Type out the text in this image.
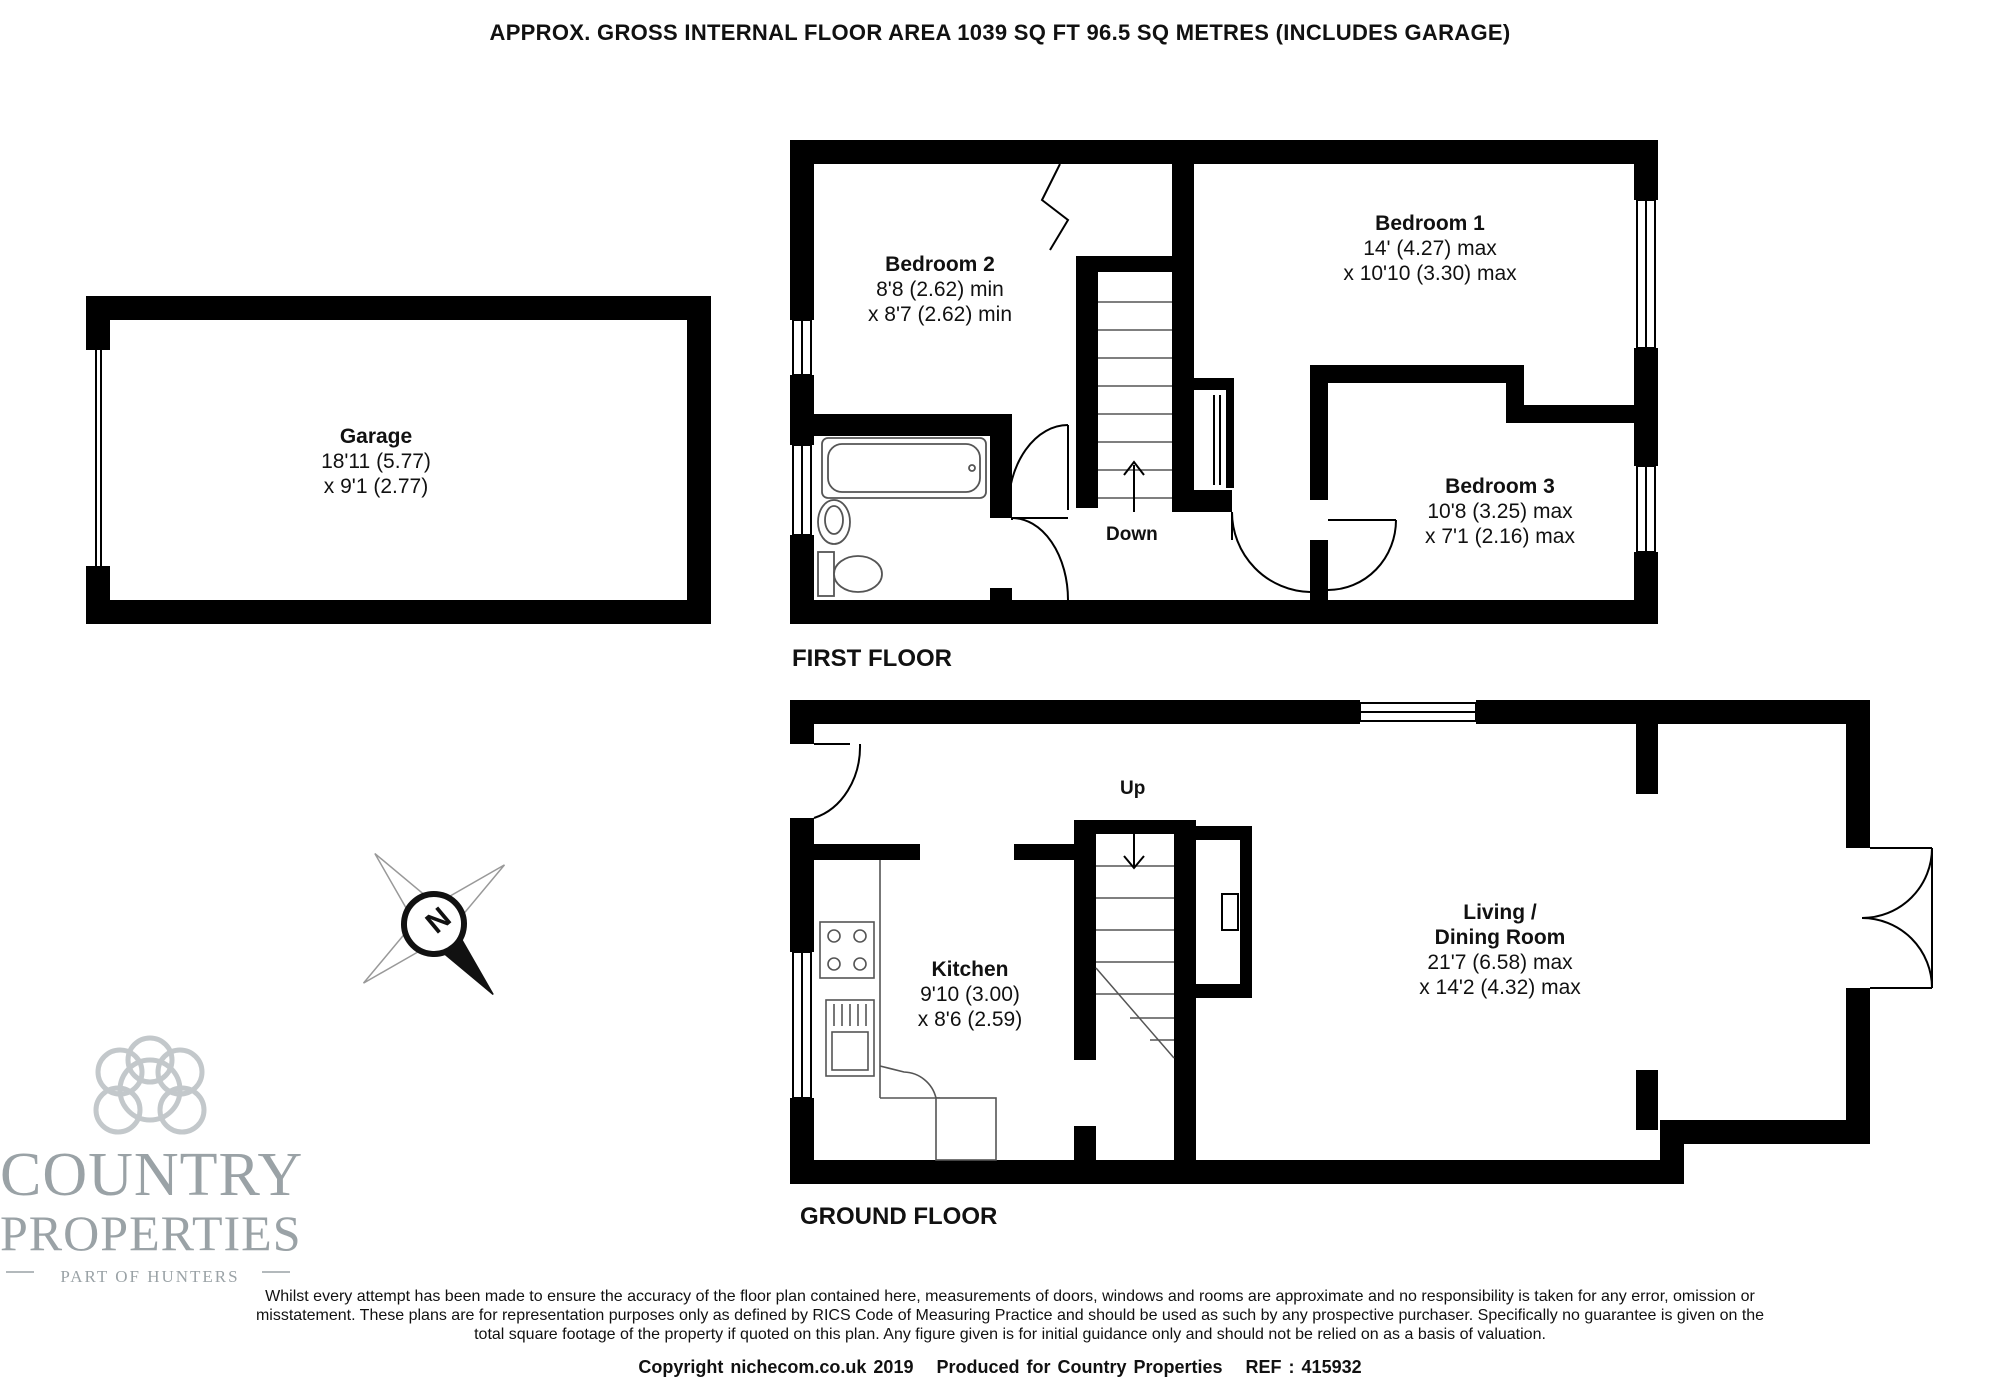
APPROX. GROSS INTERNAL FLOOR AREA 1039 SQ FT 96.5 SQ METRES (INCLUDES GARAGE)
FIRST FLOOR
GROUND FLOOR
Garage
18'11 (5.77)
x 9'1 (2.77)
Bedroom 2
8'8 (2.62) min
x 8'7 (2.62) min
Bedroom 1
14' (4.27) max
x 10'10 (3.30) max
Bedroom 3
10'8 (3.25) max
x 7'1 (2.16) max
Down
Up
Kitchen
9'10 (3.00)
x 8'6 (2.59)
Living /
Dining Room
21'7 (6.58) max
x 14'2 (4.32) max
N
COUNTRY
PROPERTIES
PART OF HUNTERS
Whilst every attempt has been made to ensure the accuracy of the floor plan contained here, measurements of doors, windows and rooms are approximate and no responsibility is taken for any error, omission or misstatement. These plans are for representation purposes only as defined by RICS Code of Measuring Practice and should be used as such by any prospective purchaser. Specifically no guarantee is given on the total square footage of the property if quoted on this plan. Any figure given is for initial guidance only and should not be relied on as a basis of valuation.
Copyright nichecom.co.uk 2019 Produced for Country Properties REF : 415932
